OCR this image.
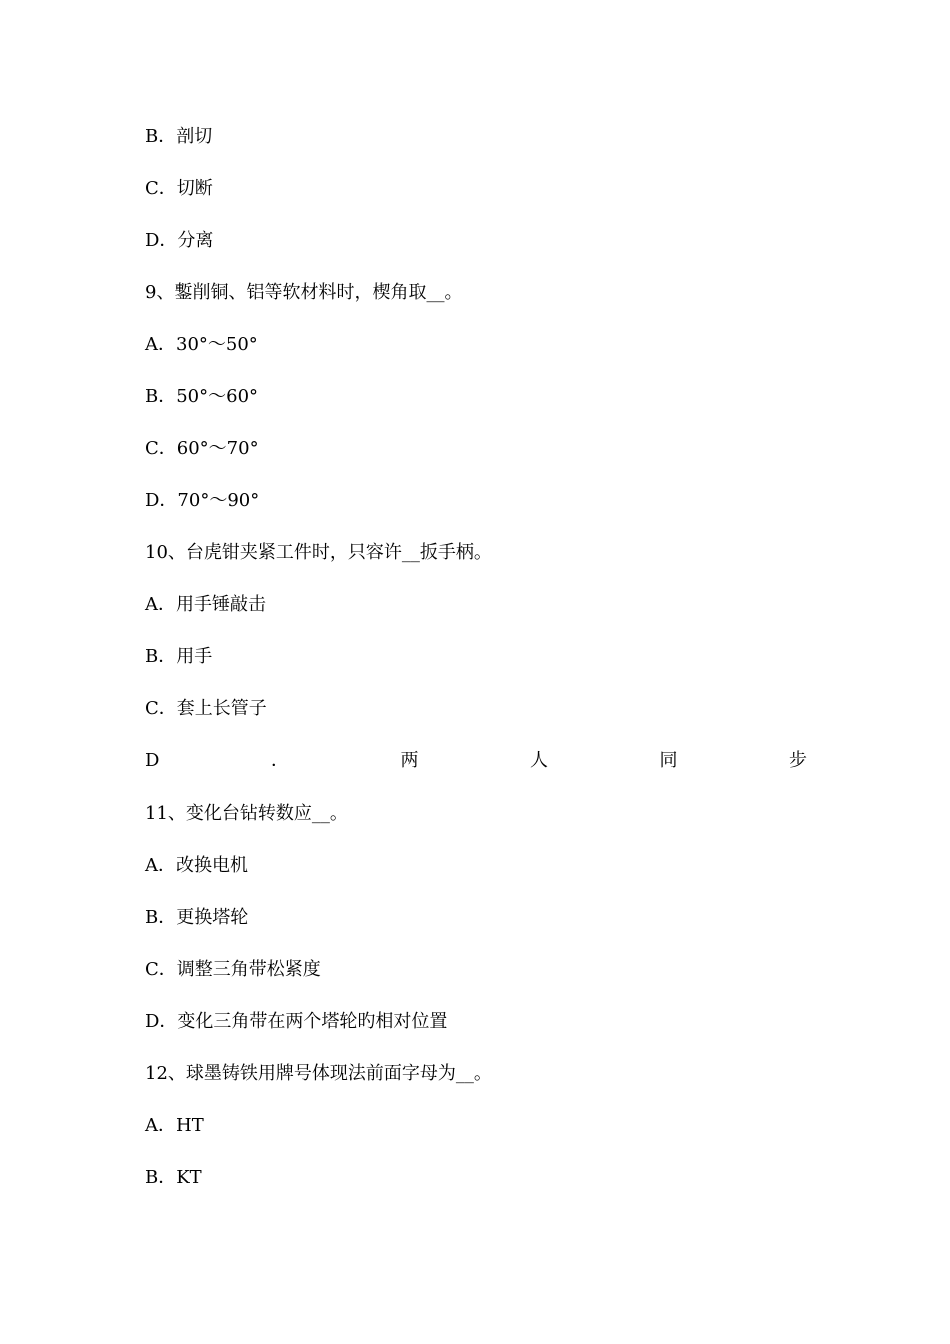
B．剖切
C．切断
D．分离
9、鏨削铜、铝等软材料时，楔角取__。
A．30°～50°
B．50°～60°
C．60°～70°
D．70°～90°
10、台虎钳夹紧工件时，只容许__扳手柄。
A．用手锤敲击
B．用手
C．套上长管子
D	．	两	人	同	步
11、变化台钻转数应__。
A．改换电机
B．更换塔轮
C．调整三角带松紧度
D．变化三角带在两个塔轮旳相对位置
12、球墨铸铁用牌号体现法前面字母为__。
A．HT
B．KT
